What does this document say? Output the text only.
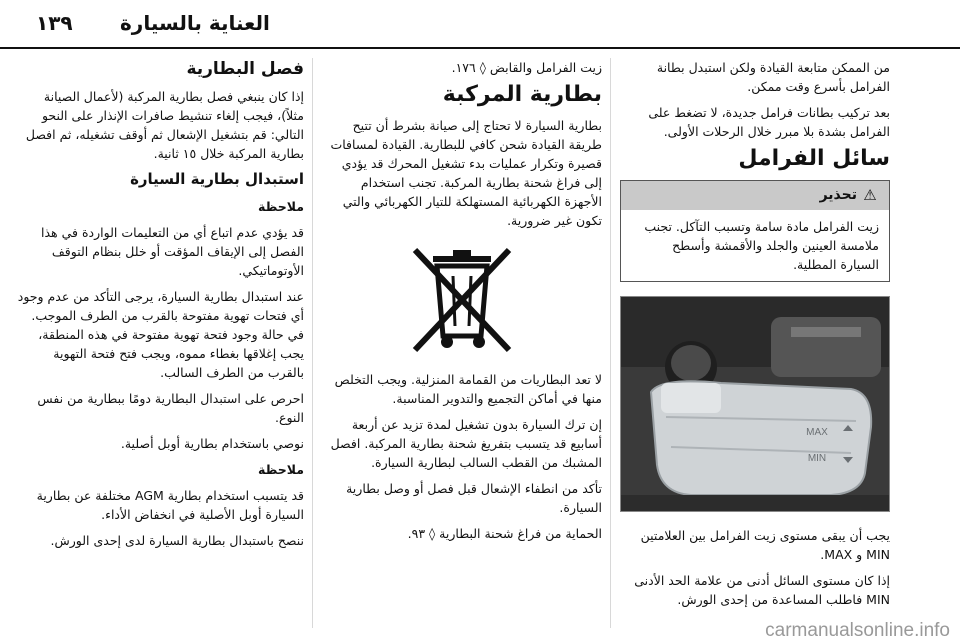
١٣٩ العناية بالسيارة

من الممكن متابعة القيادة ولكن استبدل بطانة الفرامل بأسرع وقت ممكن.

بعد تركيب بطانات فرامل جديدة، لا تضغط على الفرامل بشدة بلا مبرر خلال الرحلات الأولى.

سائل الفرامل
⚠
تحذير
زيت الفرامل مادة سامة وتسبب التآكل. تجنب ملامسة العينين والجلد والأقمشة وأسطح السيارة المطلية.
MAX
MIN

يجب أن يبقى مستوى زيت الفرامل بين العلامتين MIN و MAX.

إذا كان مستوى السائل أدنى من علامة الحد الأدنى MIN فاطلب المساعدة من إحدى الورش.

زيت الفرامل والقابض ◊ ١٧٦.

بطارية المركبة

بطارية السيارة لا تحتاج إلى صيانة بشرط أن تتيح طريقة القيادة شحن كافي للبطارية. القيادة لمسافات قصيرة وتكرار عمليات بدء تشغيل المحرك قد يؤدي إلى فراغ شحنة بطارية المركبة. تجنب استخدام الأجهزة الكهربائية المستهلكة للتيار الكهربائي والتي تكون غير ضرورية.

لا تعد البطاريات من القمامة المنزلية. ويجب التخلص منها في أماكن التجميع والتدوير المناسبة.

إن ترك السيارة بدون تشغيل لمدة تزيد عن أربعة أسابيع قد يتسبب بتفريغ شحنة بطارية المركبة. افصل المشبك من القطب السالب لبطارية السيارة.

تأكد من انطفاء الإشعال قبل فصل أو وصل بطارية السيارة.

الحماية من فراغ شحنة البطارية ◊ ٩٣.

فصل البطارية

إذا كان ينبغي فصل بطارية المركبة (لأعمال الصيانة مثلاً)، فيجب إلغاء تنشيط صافرات الإنذار على النحو التالي: قم بتشغيل الإشعال ثم أوقف تشغيله، ثم افصل بطارية المركبة خلال ١٥ ثانية.

استبدال بطارية السيارة

ملاحظة

قد يؤدي عدم اتباع أي من التعليمات الواردة في هذا الفصل إلى الإيقاف المؤقت أو خلل بنظام التوقف الأوتوماتيكي.

عند استبدال بطارية السيارة، يرجى التأكد من عدم وجود أي فتحات تهوية مفتوحة بالقرب من الطرف الموجب. في حالة وجود فتحة تهوية مفتوحة في هذه المنطقة، يجب إغلاقها بغطاء مموه، ويجب فتح فتحة التهوية بالقرب من الطرف السالب.

احرص على استبدال البطارية دومًا ببطارية من نفس النوع.

نوصي باستخدام بطارية أوبل أصلية.

ملاحظة

قد يتسبب استخدام بطارية AGM مختلفة عن بطارية السيارة أوبل الأصلية في انخفاض الأداء.

ننصح باستبدال بطارية السيارة لدى إحدى الورش.

carmanualsonline.info
